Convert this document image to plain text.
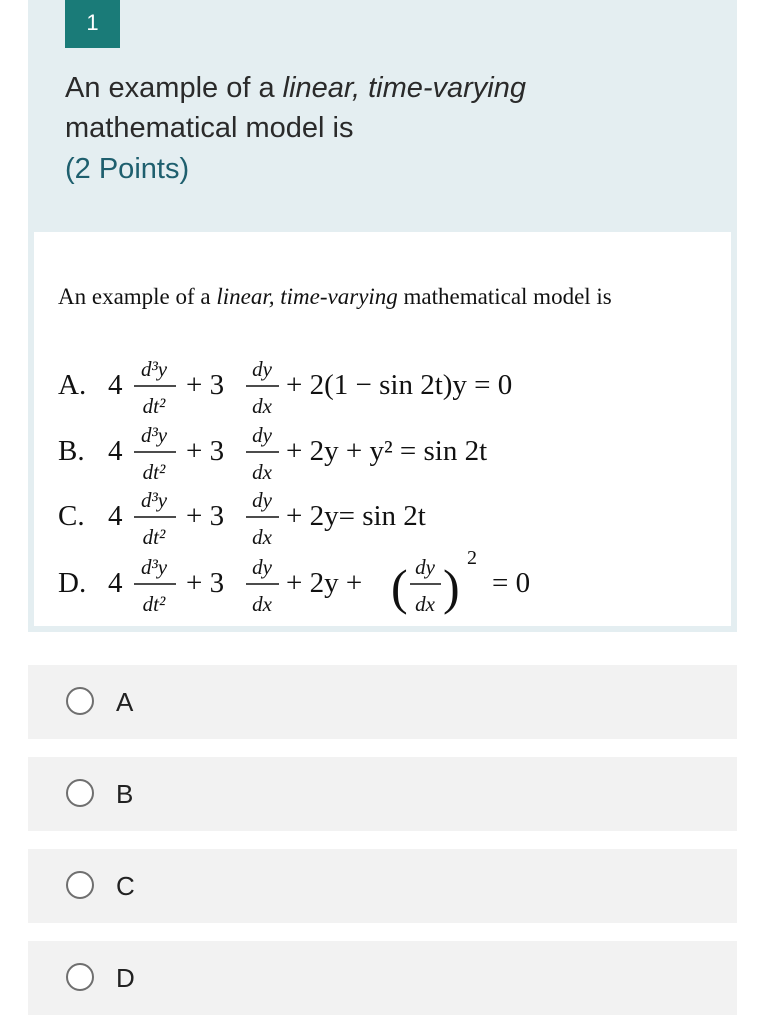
1
An example of a linear, time-varying
mathematical model is
(2 Points)
An example of a linear, time-varying mathematical model is
A. 4 d³y
dt²
+ 3 dy
dx
+ 2(1 − sin 2t)y = 0
B. 4 d³y
dt²
+ 3 dy
dx
+ 2y + y² = sin 2t
C. 4 d³y
dt²
+ 3 dy
dx
+ 2y= sin 2t
D. 4 d³y
dt²
+ 3 dy
dx
+ 2y + ( dy
dx )
2
= 0
A
B
C
D
